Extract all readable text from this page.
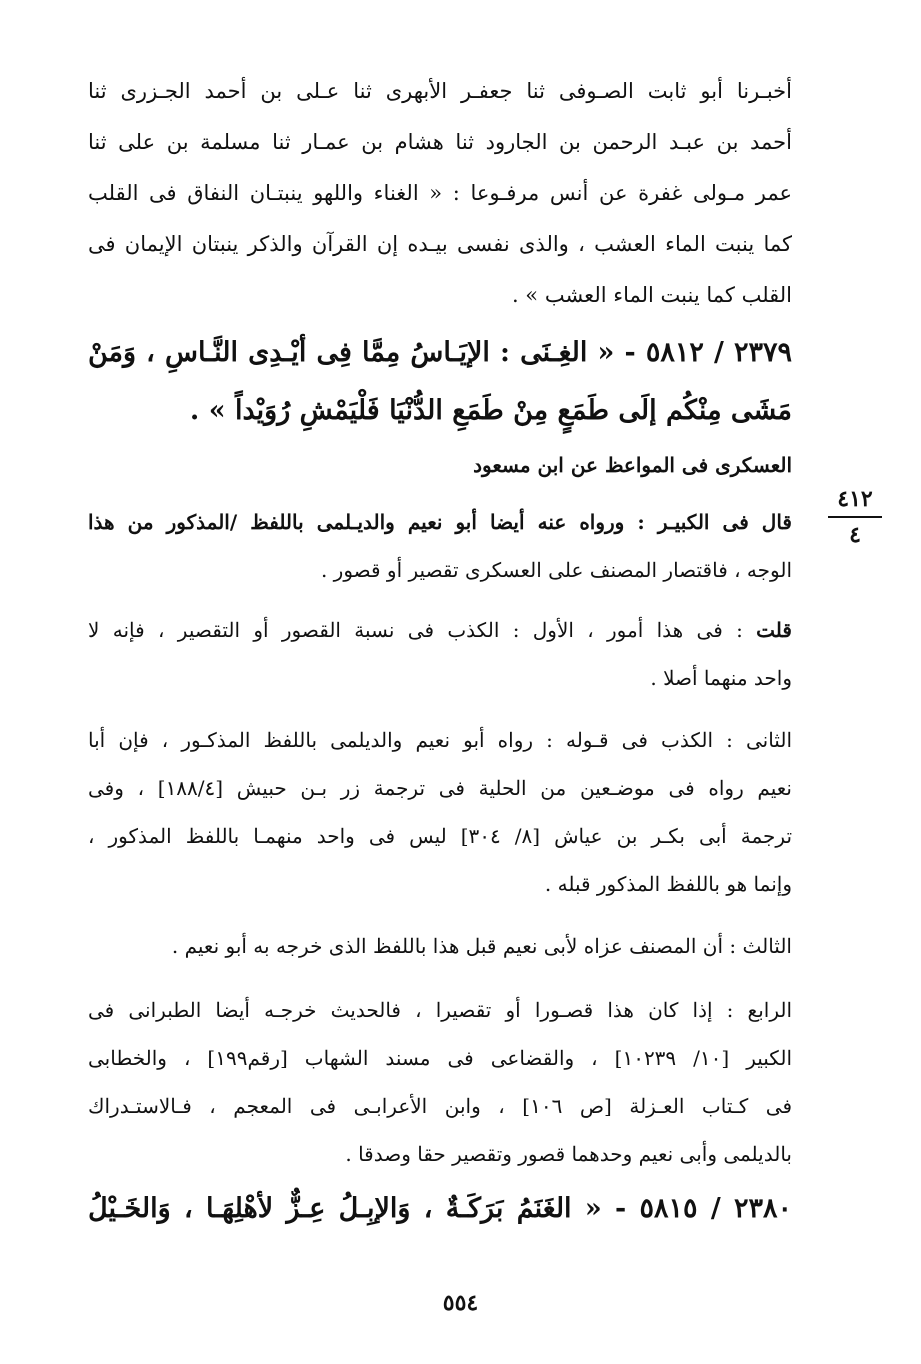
أخبـرنا أبو ثابت الصـوفى ثنا جعفـر الأبهرى ثنا عـلى بن أحمد الجـزرى ثنا
أحمد بن عبـد الرحمن بن الجارود ثنا هشام بن عمـار ثنا مسلمة بن على ثنا
عمر مـولى غفرة عن أنس مرفـوعا : « الغناء واللهو ينبتـان النفاق فى القلب
كما ينبت الماء العشب ، والذى نفسى بيـده إن القرآن والذكر ينبتان الإيمان فى
القلب كما ينبت الماء العشب » .
٢٣٧٩ / ٥٨١٢ - « الغِـنَى : الإيَـاسُ مِمَّا فِى أيْـدِى النَّـاسِ ، وَمَنْ
مَشَى مِنْكُم إلَى طَمَعٍ مِنْ طَمَعِ الدُّنْيَا فَلْيَمْشِ رُوَيْداً » .
العسكرى فى المواعظ عن ابن مسعود
٤١٢
٤
قال فى الكبيـر : ورواه عنه أيضا أبو نعيم والديـلمى باللفظ /المذكور من هذا
الوجه ، فاقتصار المصنف على العسكرى تقصير أو قصور .
قلت : فى هذا أمور ، الأول : الكذب فى نسبة القصور أو التقصير ، فإنه لا
واحد منهما أصلا .
الثانى : الكذب فى قـوله : رواه أبو نعيم والديلمى باللفظ المذكـور ، فإن أبا
نعيم رواه فى موضـعين من الحلية فى ترجمة زر بـن حبيش [١٨٨/٤] ، وفى
ترجمة أبى بكـر بن عياش [٨/ ٣٠٤] ليس فى واحد منهمـا باللفظ المذكور ،
وإنما هو باللفظ المذكور قبله .
الثالث : أن المصنف عزاه لأبى نعيم قبل هذا باللفظ الذى خرجه به أبو نعيم .
الرابع : إذا كان هذا قصـورا أو تقصيرا ، فالحديث خرجـه أيضا الطبرانى فى
الكبير [١٠/ ١٠٢٣٩] ، والقضاعى فى مسند الشهاب [رقم١٩٩] ، والخطابى
فى كـتاب العـزلة [ص ١٠٦] ، وابن الأعرابـى فى المعجم ، فـالاستـدراك
بالديلمى وأبى نعيم وحدهما قصور وتقصير حقا وصدقا .
٢٣٨٠ / ٥٨١٥ - « الغَنَمُ بَرَكَـةٌ ، وَالإبِـلُ عِـزٌّ لأهْلِهَـا ، وَالخَـيْلُ
٥٥٤
